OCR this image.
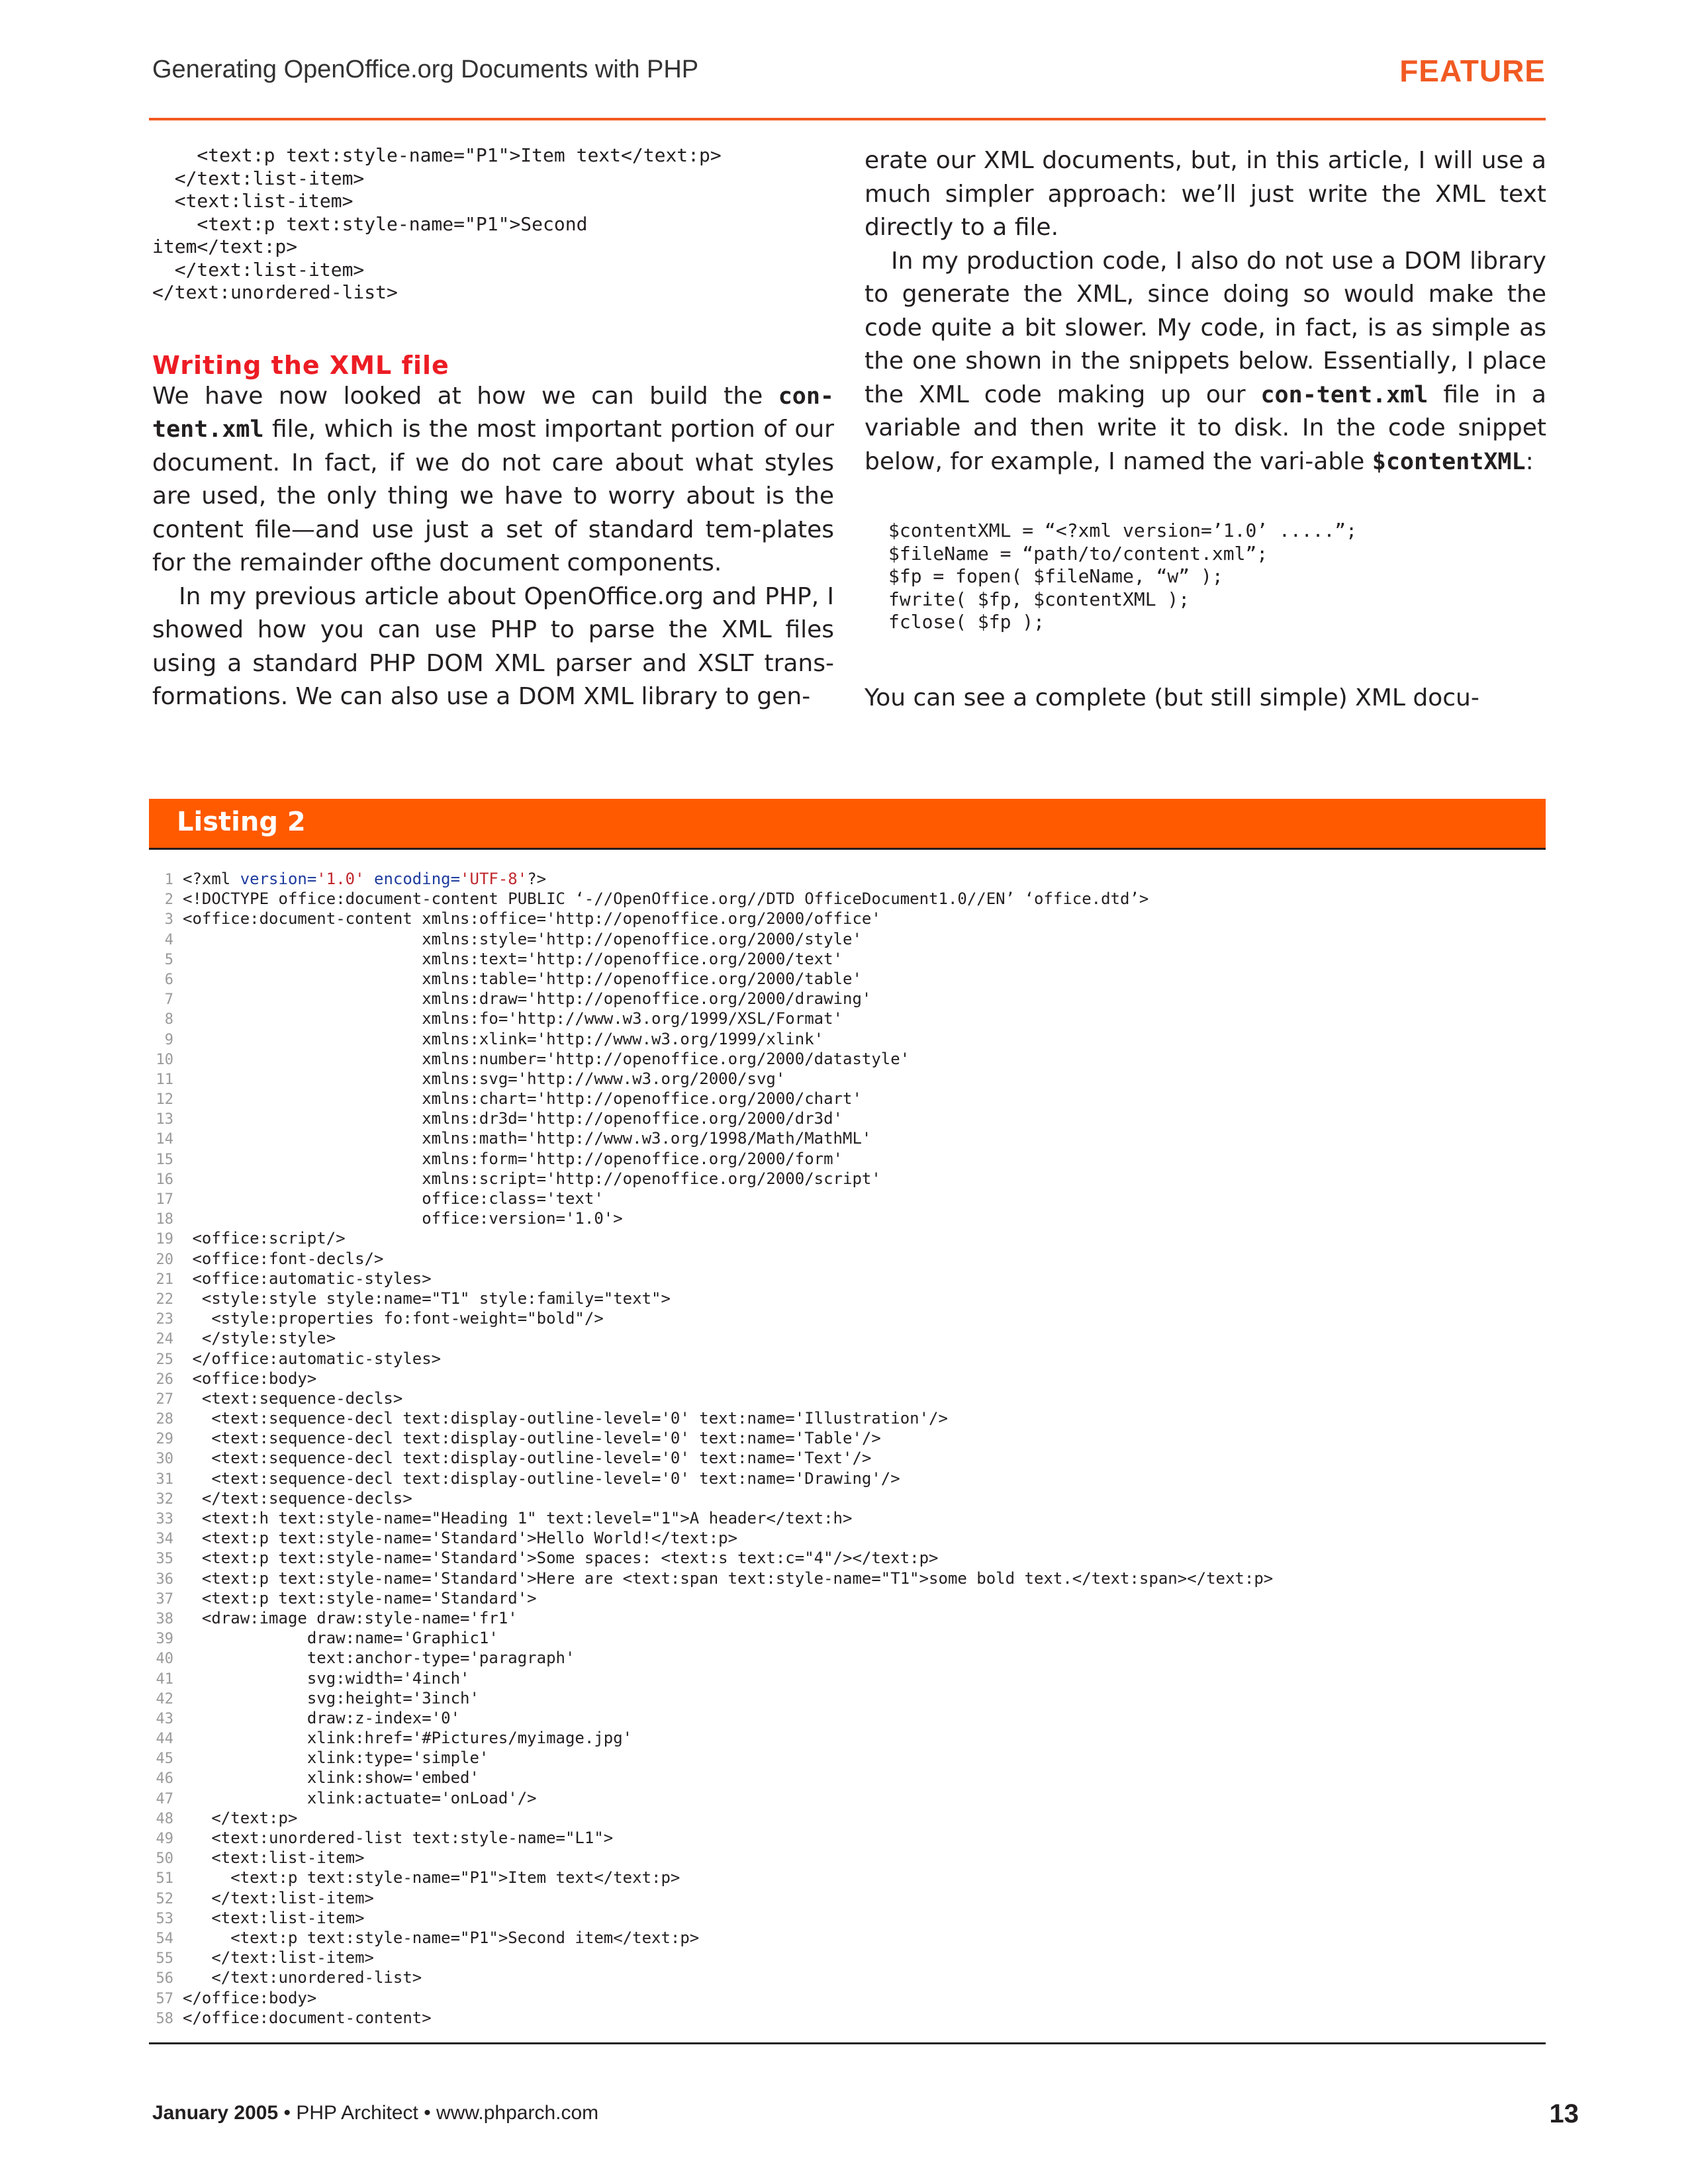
Generating OpenOffice.org Documents with PHP	FEATURE
<text:p text:style-name="P1">Item text</text:p>
</text:list-item>
<text:list-item>
<text:p text:style-name="P1">Second
item</text:p>
</text:list-item>
</text:unordered-list>
Writing the XML file

We have now looked at how we can build the con-tent.xml file, which is the most important portion of our document. In fact, if we do not care about what styles are used, the only thing we have to worry about is the content file—and use just a set of standard tem-plates for the remainder ofthe document components.

In my previous article about OpenOffice.org and PHP, I showed how you can use PHP to parse the XML files using a standard PHP DOM XML parser and XSLT trans-formations. We can also use a DOM XML library to gen-

erate our XML documents, but, in this article, I will use a much simpler approach: we’ll just write the XML text directly to a file.

In my production code, I also do not use a DOM library to generate the XML, since doing so would make the code quite a bit slower. My code, in fact, is as simple as the one shown in the snippets below. Essentially, I place the XML code making up our con-tent.xml file in a variable and then write it to disk. In the code snippet below, for example, I named the vari-able $contentXML:

$contentXML = “<?xml version=’1.0’ .....”;
$fileName = “path/to/content.xml”;
$fp = fopen( $fileName, “w” );
fwrite( $fp, $contentXML );
fclose( $fp );

You can see a complete (but still simple) XML docu-

Listing 2
1 <?xml version='1.0' encoding='UTF-8'?>
2 <!DOCTYPE office:document-content PUBLIC ‘-//OpenOffice.org//DTD OfficeDocument1.0//EN’ ‘office.dtd’>
3 <office:document-content xmlns:office='http://openoffice.org/2000/office'
4                         xmlns:style='http://openoffice.org/2000/style'
5                         xmlns:text='http://openoffice.org/2000/text'
6                         xmlns:table='http://openoffice.org/2000/table'
7                         xmlns:draw='http://openoffice.org/2000/drawing'
8                         xmlns:fo='http://www.w3.org/1999/XSL/Format'
9                         xmlns:xlink='http://www.w3.org/1999/xlink'
10                         xmlns:number='http://openoffice.org/2000/datastyle'
11                         xmlns:svg='http://www.w3.org/2000/svg'
12                         xmlns:chart='http://openoffice.org/2000/chart'
13                         xmlns:dr3d='http://openoffice.org/2000/dr3d'
14                         xmlns:math='http://www.w3.org/1998/Math/MathML'
15                         xmlns:form='http://openoffice.org/2000/form'
16                         xmlns:script='http://openoffice.org/2000/script'
17                         office:class='text'
18                         office:version='1.0'>
19 <office:script/>
20 <office:font-decls/>
21 <office:automatic-styles>
22  <style:style style:name="T1" style:family="text">
23   <style:properties fo:font-weight="bold"/>
24  </style:style>
25 </office:automatic-styles>
26 <office:body>
27  <text:sequence-decls>
28   <text:sequence-decl text:display-outline-level='0' text:name='Illustration'/>
29   <text:sequence-decl text:display-outline-level='0' text:name='Table'/>
30   <text:sequence-decl text:display-outline-level='0' text:name='Text'/>
31   <text:sequence-decl text:display-outline-level='0' text:name='Drawing'/>
32  </text:sequence-decls>
33  <text:h text:style-name="Heading 1" text:level="1">A header</text:h>
34  <text:p text:style-name='Standard'>Hello World!</text:p>
35  <text:p text:style-name='Standard'>Some spaces: <text:s text:c="4"/></text:p>
36  <text:p text:style-name='Standard'>Here are <text:span text:style-name="T1">some bold text.</text:span></text:p>
37  <text:p text:style-name='Standard'>
38  <draw:image draw:style-name='fr1'
39             draw:name='Graphic1'
40             text:anchor-type='paragraph'
41             svg:width='4inch'
42             svg:height='3inch'
43             draw:z-index='0'
44             xlink:href='#Pictures/myimage.jpg'
45             xlink:type='simple'
46             xlink:show='embed'
47             xlink:actuate='onLoad'/>
48   </text:p>
49   <text:unordered-list text:style-name="L1">
50   <text:list-item>
51     <text:p text:style-name="P1">Item text</text:p>
52   </text:list-item>
53   <text:list-item>
54     <text:p text:style-name="P1">Second item</text:p>
55   </text:list-item>
56   </text:unordered-list>
57 </office:body>
58 </office:document-content>
January 2005 • PHP Architect • www.phparch.com	13
